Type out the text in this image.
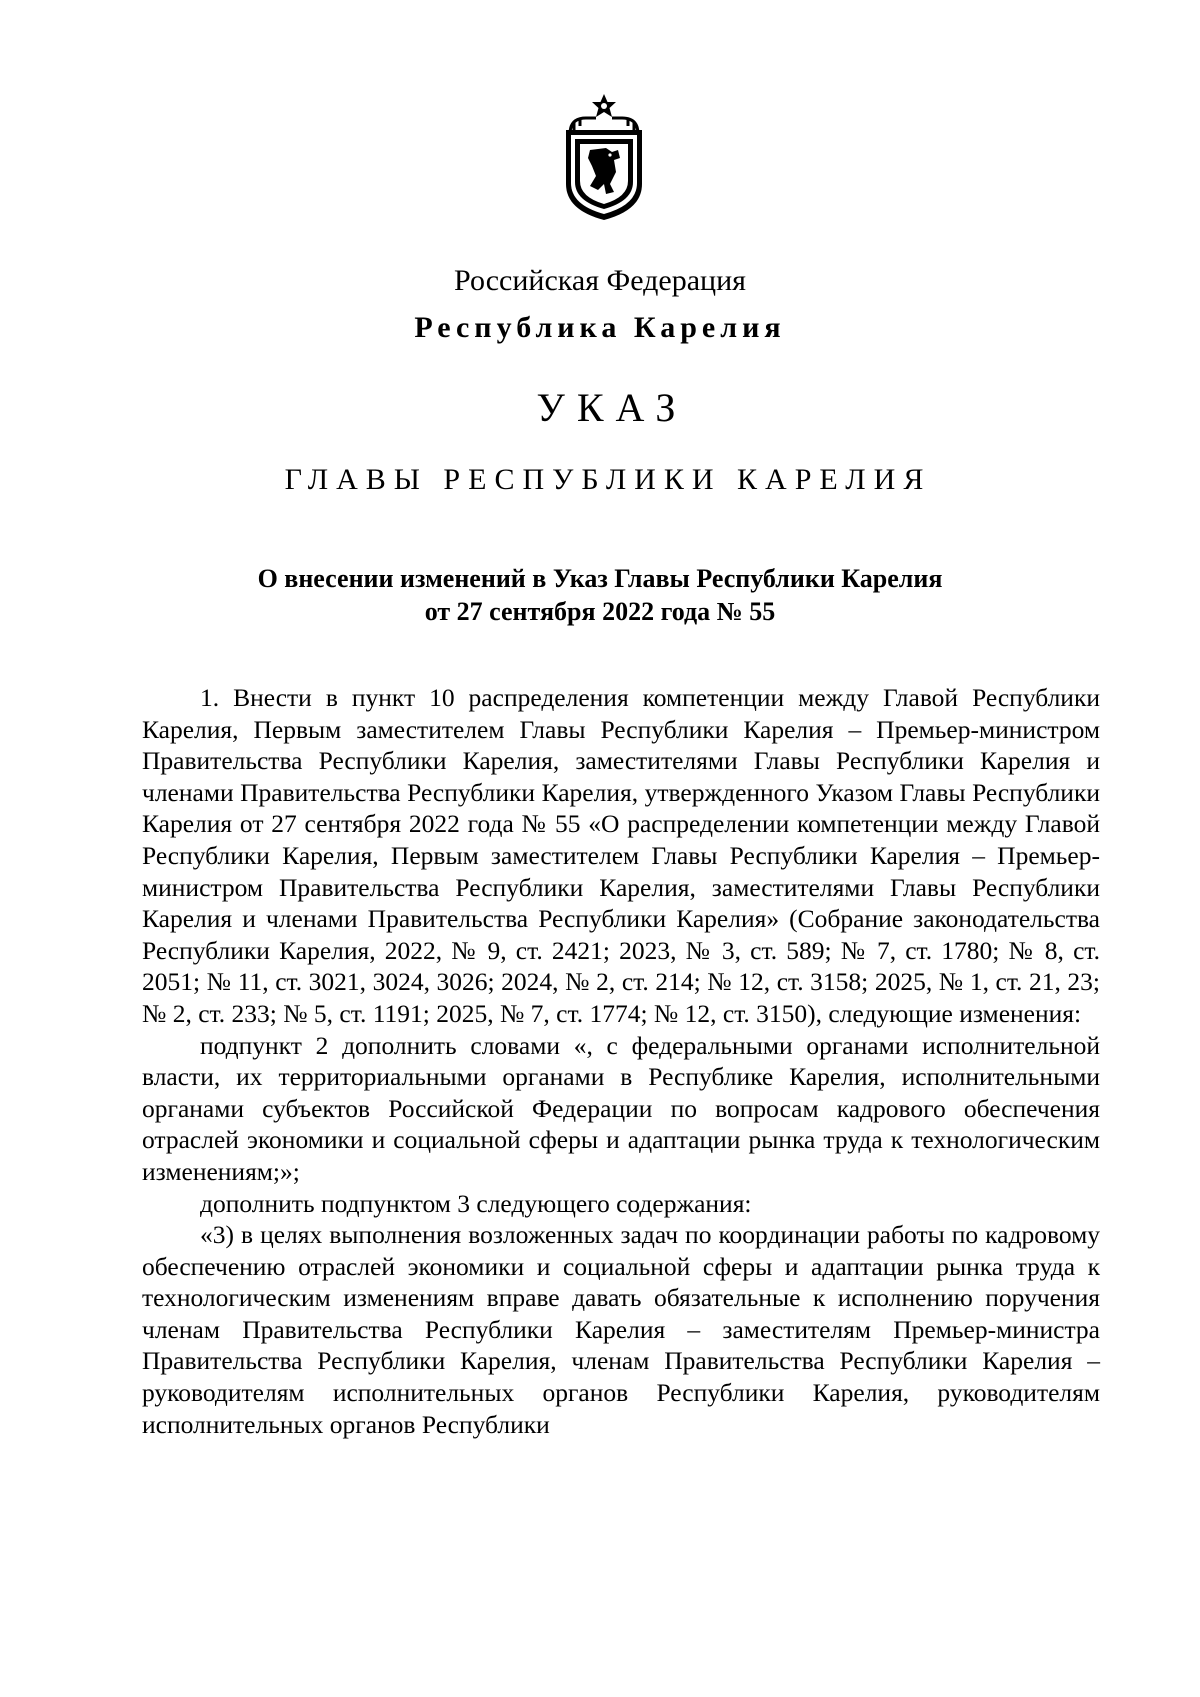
Российская Федерация
Республика Карелия
УКАЗ
ГЛАВЫ РЕСПУБЛИКИ КАРЕЛИЯ
О внесении изменений в Указ Главы Республики Карелия
от 27 сентября 2022 года № 55

1. Внести в пункт 10 распределения компетенции между Главой Республики Карелия, Первым заместителем Главы Республики Карелия – Премьер-министром Правительства Республики Карелия, заместителями Главы Республики Карелия и членами Правительства Республики Карелия, утвержденного Указом Главы Республики Карелия от 27 сентября 2022 года № 55 «О распределении компетенции между Главой Республики Карелия, Первым заместителем Главы Республики Карелия – Премьер-министром Правительства Республики Карелия, заместителями Главы Республики Карелия и членами Правительства Республики Карелия» (Собрание законодательства Республики Карелия, 2022, № 9, ст. 2421; 2023, № 3, ст. 589; № 7, ст. 1780; № 8, ст. 2051; № 11, ст. 3021, 3024, 3026; 2024, № 2, ст. 214; № 12, ст. 3158; 2025, № 1, ст. 21, 23; № 2, ст. 233; № 5, ст. 1191; 2025, № 7, ст. 1774; № 12, ст. 3150), следующие изменения:

подпункт 2 дополнить словами «, с федеральными органами исполнительной власти, их территориальными органами в Республике Карелия, исполнительными органами субъектов Российской Федерации по вопросам кадрового обеспечения отраслей экономики и социальной сферы и адаптации рынка труда к технологическим изменениям;»;

дополнить подпунктом 3 следующего содержания:

«3) в целях выполнения возложенных задач по координации работы по кадровому обеспечению отраслей экономики и социальной сферы и адаптации рынка труда к технологическим изменениям вправе давать обязательные к исполнению поручения членам Правительства Республики Карелия – заместителям Премьер-министра Правительства Республики Карелия, членам Правительства Республики Карелия – руководителям исполнительных органов Республики Карелия, руководителям исполнительных органов Республики
